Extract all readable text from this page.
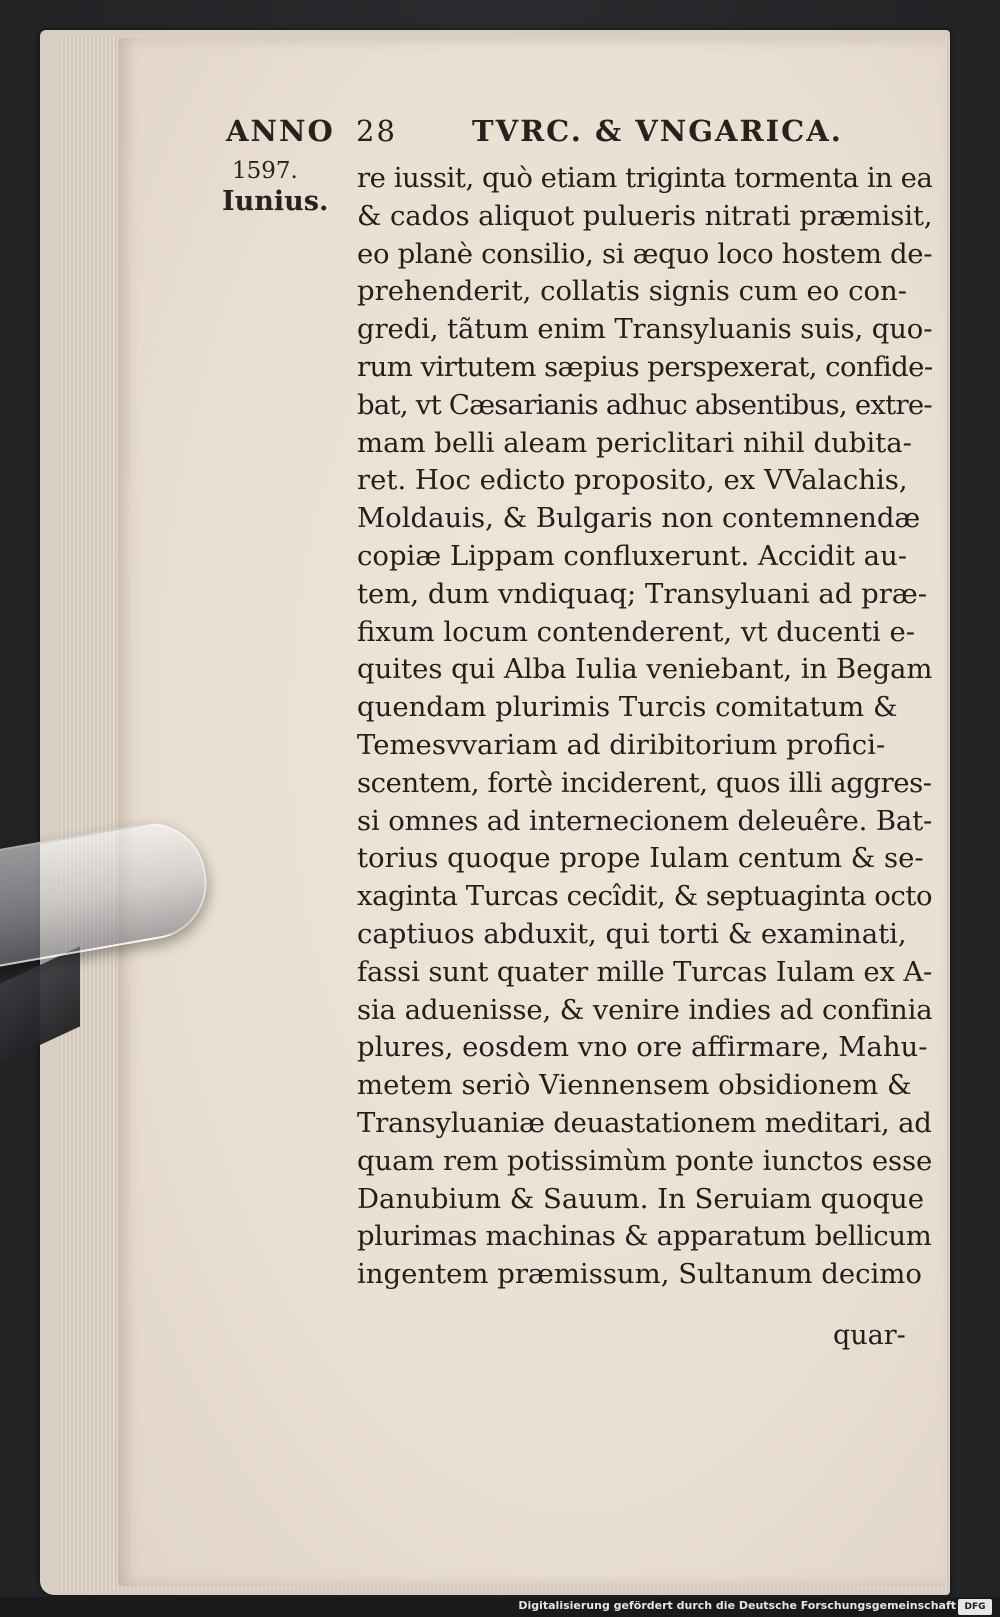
ANNO 28	TVRC. & VNGARICA.
1597.
Iunius.
re iussit, quò etiam triginta tormenta in ea
& cados aliquot pulueris nitrati præmisit,
eo planè consilio, si æquo loco hostem de-
prehenderit, collatis signis cum eo con-
gredi, tãtum enim Transyluanis suis, quo-
rum virtutem sæpius perspexerat, confide-
bat, vt Cæsarianis adhuc absentibus, extre-
mam belli aleam periclitari nihil dubita-
ret. Hoc edicto proposito, ex VValachis,
Moldauis, & Bulgaris non contemnendæ
copiæ Lippam confluxerunt. Accidit au-
tem, dum vndiquaq; Transyluani ad præ-
fixum locum contenderent, vt ducenti e-
quites qui Alba Iulia veniebant, in Begam
quendam plurimis Turcis comitatum &
Temesvvariam ad diribitorium profici-
scentem, fortè inciderent, quos illi aggres-
si omnes ad internecionem deleuêre. Bat-
torius quoque prope Iulam centum & se-
xaginta Turcas cecîdit, & septuaginta octo
captiuos abduxit, qui torti & examinati,
fassi sunt quater mille Turcas Iulam ex A-
sia aduenisse, & venire indies ad confinia
plures, eosdem vno ore affirmare, Mahu-
metem seriò Viennensem obsidionem &
Transyluaniæ deuastationem meditari, ad
quam rem potissimùm ponte iunctos esse
Danubium & Sauum. In Seruiam quoque
plurimas machinas & apparatum bellicum
ingentem præmissum, Sultanum decimo
quar-
Digitalisierung gefördert durch die Deutsche Forschungsgemeinschaft DFG
